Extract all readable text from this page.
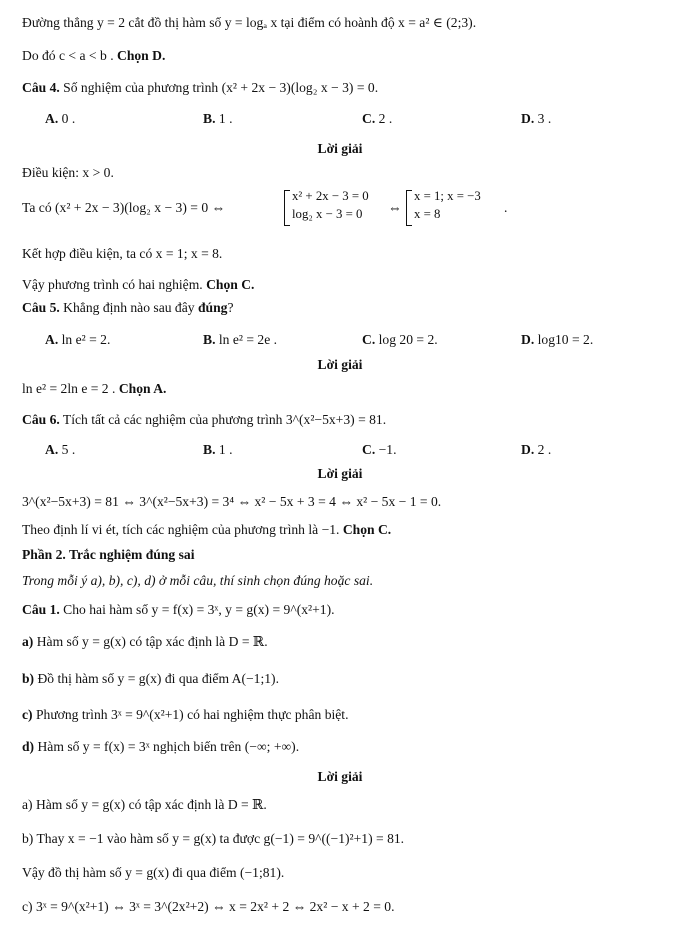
Đường thẳng y = 2 cắt đồ thị hàm số y = logₐ x tại điểm có hoành độ x = a² ∈ (2;3).
Do đó c < a < b . Chọn D.
Câu 4. Số nghiệm của phương trình (x² + 2x − 3)(log₂ x − 3) = 0.
A. 0 .	B. 1 .	C. 2 .	D. 3 .
Lời giải
Điều kiện: x > 0.
Ta có (x² + 2x − 3)(log₂ x − 3) = 0 ⇔
x² + 2x − 3 = 0
log₂ x − 3 = 0 ⇔
x = 1; x = −3
x = 8	.
Kết hợp điều kiện, ta có x = 1; x = 8.
Vậy phương trình có hai nghiệm. Chọn C.
Câu 5. Khẳng định nào sau đây đúng?
A. ln e² = 2.	B. ln e² = 2e .	C. log 20 = 2.	D. log10 = 2.
Lời giải
ln e² = 2ln e = 2 . Chọn A.
Câu 6. Tích tất cả các nghiệm của phương trình 3^(x²−5x+3) = 81.
A. 5 .	B. 1 .	C. −1.	D. 2 .
Lời giải
3^(x²−5x+3) = 81 ⇔ 3^(x²−5x+3) = 3⁴ ⇔ x² − 5x + 3 = 4 ⇔ x² − 5x − 1 = 0.
Theo định lí vi ét, tích các nghiệm của phương trình là −1. Chọn C.
Phần 2. Trắc nghiệm đúng sai
Trong mỗi ý a), b), c), d) ở mỗi câu, thí sinh chọn đúng hoặc sai.
Câu 1. Cho hai hàm số y = f(x) = 3ˣ, y = g(x) = 9^(x²+1).
a) Hàm số y = g(x) có tập xác định là D = ℝ.
b) Đồ thị hàm số y = g(x) đi qua điểm A(−1;1).
c) Phương trình 3ˣ = 9^(x²+1) có hai nghiệm thực phân biệt.
d) Hàm số y = f(x) = 3ˣ nghịch biến trên (−∞; +∞).
Lời giải
a) Hàm số y = g(x) có tập xác định là D = ℝ.
b) Thay x = −1 vào hàm số y = g(x) ta được g(−1) = 9^((−1)²+1) = 81.
Vậy đồ thị hàm số y = g(x) đi qua điểm (−1;81).
c) 3ˣ = 9^(x²+1) ⇔ 3ˣ = 3^(2x²+2) ⇔ x = 2x² + 2 ⇔ 2x² − x + 2 = 0.
